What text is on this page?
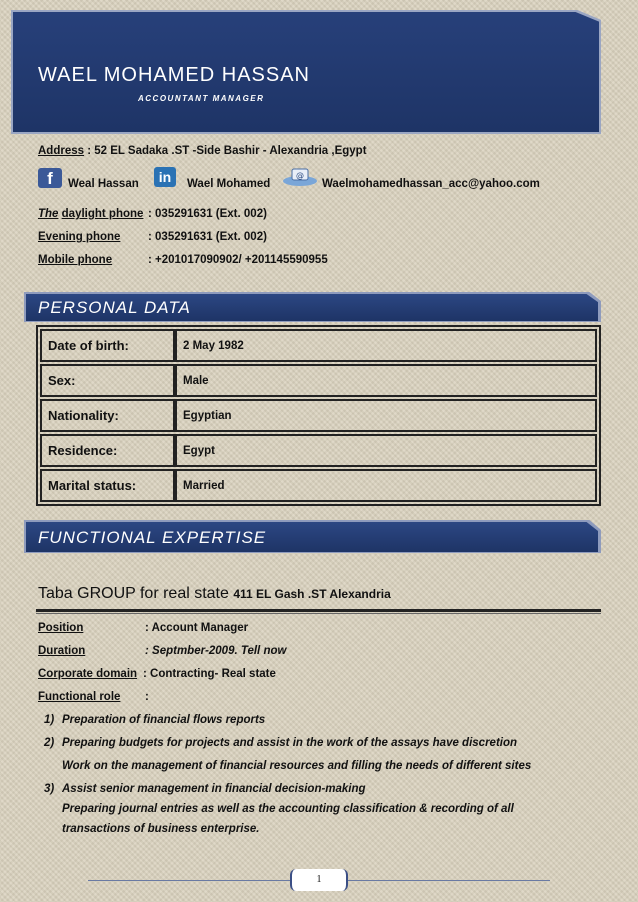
WAEL MOHAMED HASSAN
ACCOUNTANT MANAGER
Address : 52 EL Sadaka .ST -Side Bashir - Alexandria ,Egypt
f	Weal Hassan	in	Wael Mohamed
@
Waelmohamedhassan_acc@yahoo.com
The daylight phone : 035291631 (Ext. 002)
Evening phone : 035291631 (Ext. 002)
Mobile phone	: +201017090902/ +201145590955
PERSONAL DATA
Date of birth:	2 May 1982
Sex:	Male
Nationality:	Egyptian
Residence:	Egypt
Marital status:	Married
FUNCTIONAL EXPERTISE
Taba GROUP for real state 411 EL Gash .ST Alexandria
Position	: Account Manager
Duration	: Septmber-2009. Tell now
Corporate domain : Contracting- Real state
Functional role :
1) Preparation of financial flows reports
2) Preparing budgets for projects and assist in the work of the assays have discretion
Work on the management of financial resources and filling the needs of different sites
3) Assist senior management in financial decision-making
Preparing journal entries as well as the accounting classification & recording of all
transactions of business enterprise.
1
